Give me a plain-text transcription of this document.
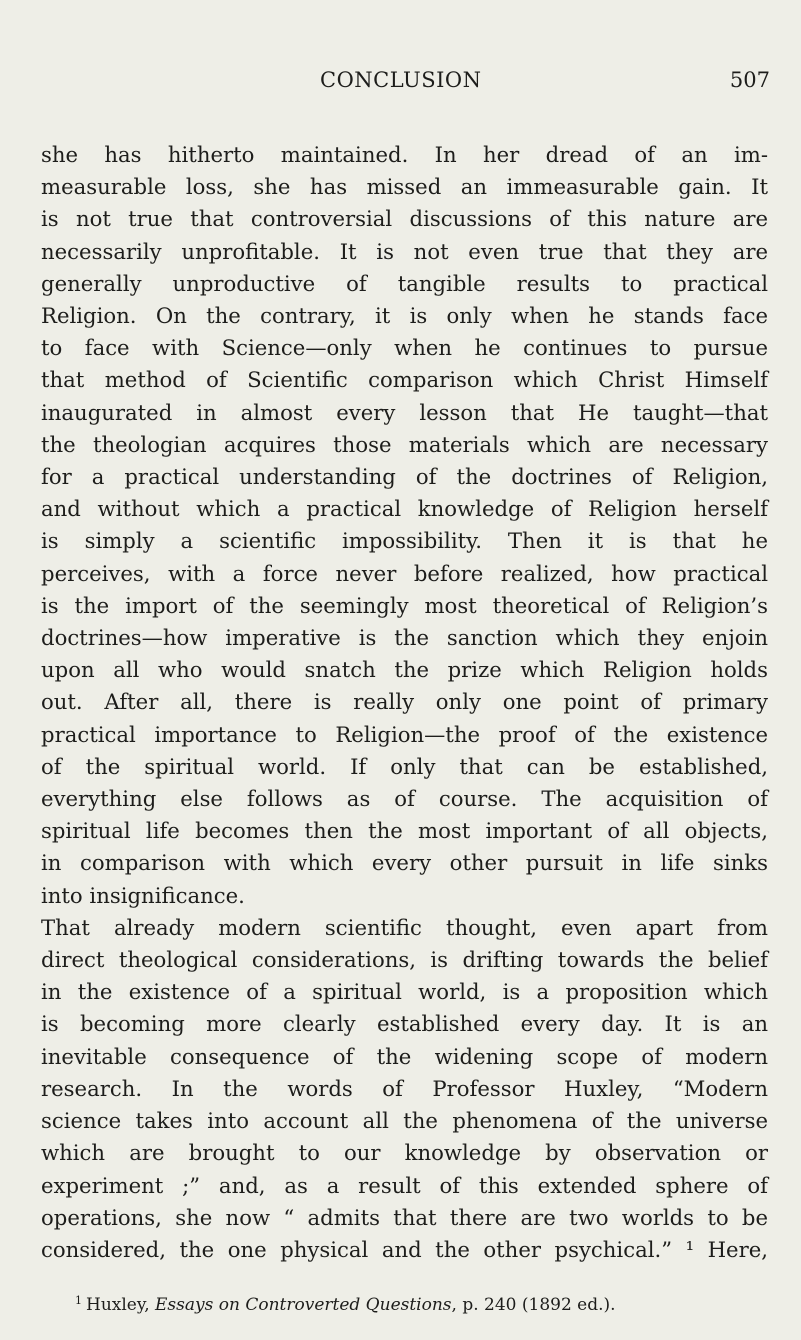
CONCLUSION	507
she has hitherto maintained. In her dread of an im-
measurable loss, she has missed an immeasurable gain. It
is not true that controversial discussions of this nature are
necessarily unprofitable. It is not even true that they are
generally unproductive of tangible results to practical
Religion. On the contrary, it is only when he stands face
to face with Science—only when he continues to pursue
that method of Scientific comparison which Christ Himself
inaugurated in almost every lesson that He taught—that
the theologian acquires those materials which are necessary
for a practical understanding of the doctrines of Religion,
and without which a practical knowledge of Religion herself
is simply a scientific impossibility. Then it is that he
perceives, with a force never before realized, how practical
is the import of the seemingly most theoretical of Religion’s
doctrines—how imperative is the sanction which they enjoin
upon all who would snatch the prize which Religion holds
out. After all, there is really only one point of primary
practical importance to Religion—the proof of the existence
of the spiritual world. If only that can be established,
everything else follows as of course. The acquisition of
spiritual life becomes then the most important of all objects,
in comparison with which every other pursuit in life sinks
into insignificance.
That already modern scientific thought, even apart from
direct theological considerations, is drifting towards the belief
in the existence of a spiritual world, is a proposition which
is becoming more clearly established every day. It is an
inevitable consequence of the widening scope of modern
research. In the words of Professor Huxley, “Modern
science takes into account all the phenomena of the universe
which are brought to our knowledge by observation or
experiment ;” and, as a result of this extended sphere of
operations, she now “ admits that there are two worlds to be
considered, the one physical and the other psychical.” ¹ Here,
$^1$ Huxley, Essays on Controverted Questions, p. 240 (1892 ed.).
